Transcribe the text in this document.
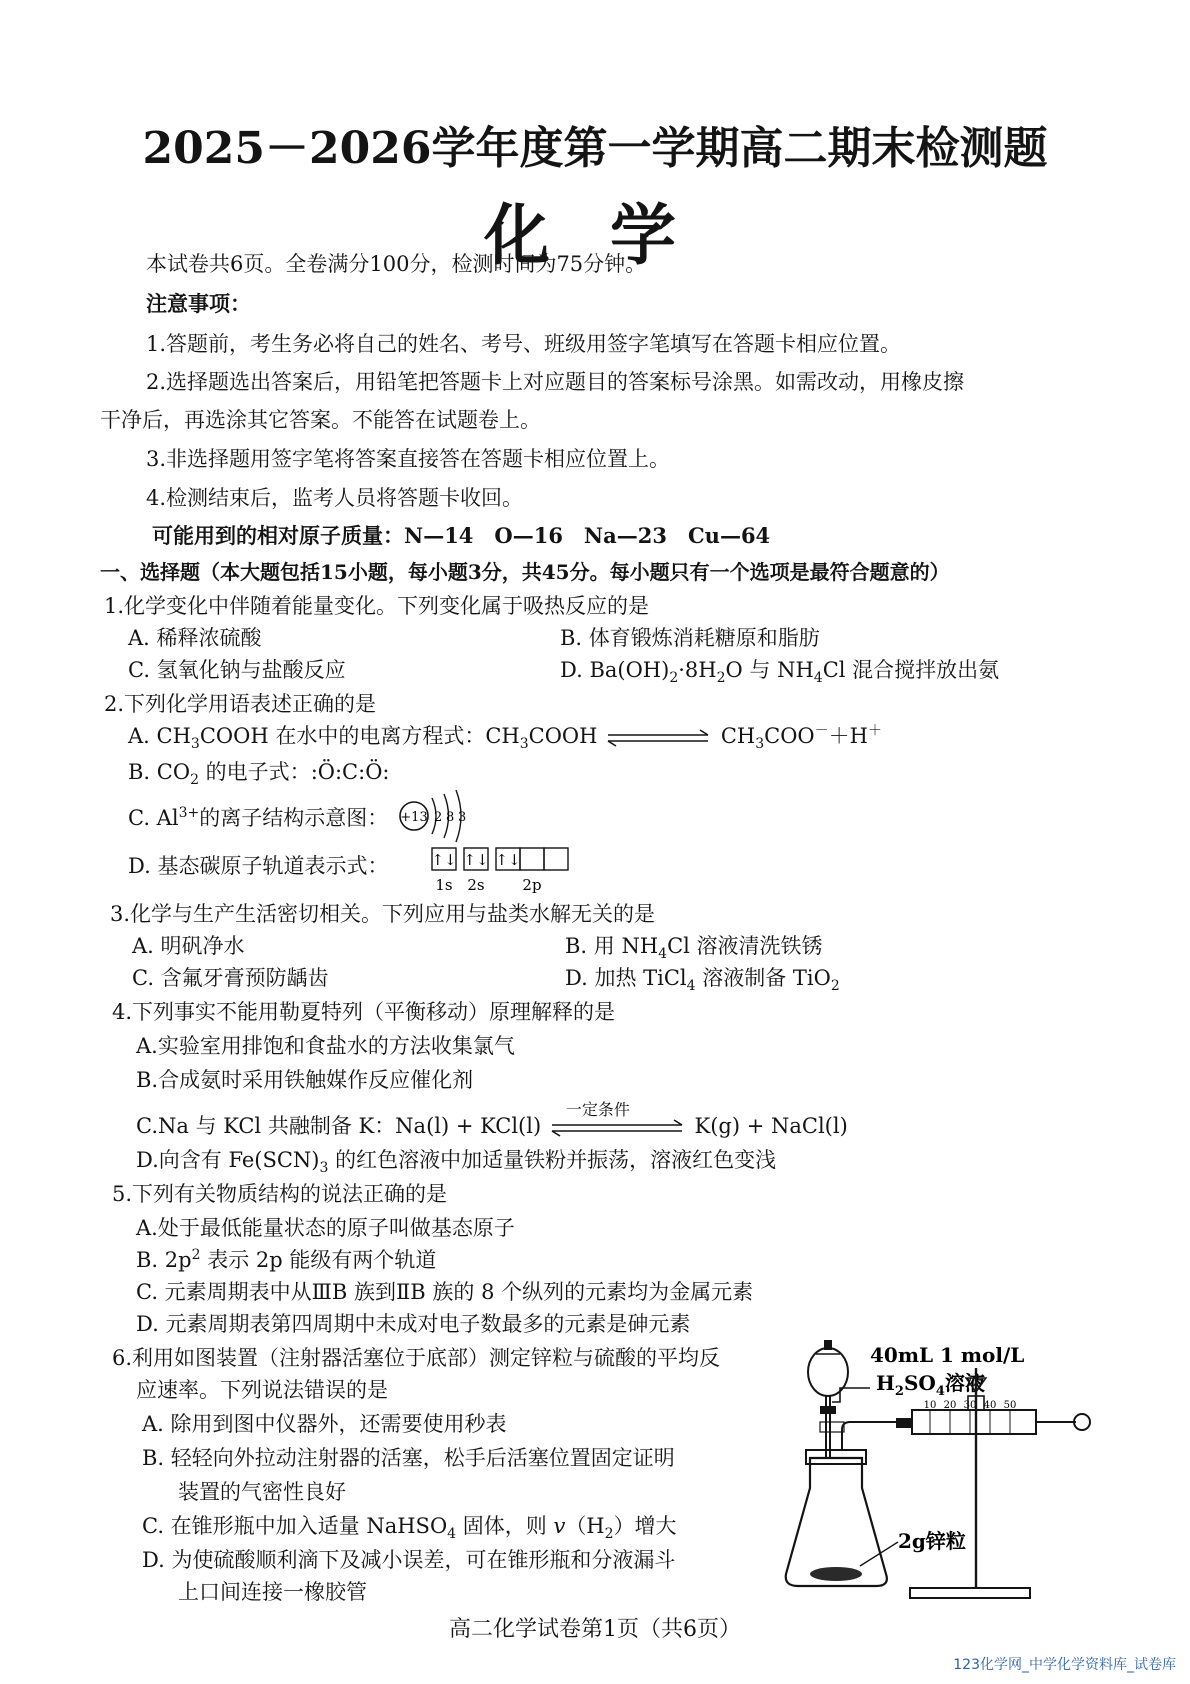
2025－2026学年度第一学期高二期末检测题
化学
本试卷共6页。全卷满分100分，检测时间为75分钟。
注意事项：
1.答题前，考生务必将自己的姓名、考号、班级用签字笔填写在答题卡相应位置。
2.选择题选出答案后，用铅笔把答题卡上对应题目的答案标号涂黑。如需改动，用橡皮擦
干净后，再选涂其它答案。不能答在试题卷上。
3.非选择题用签字笔将答案直接答在答题卡相应位置上。
4.检测结束后，监考人员将答题卡收回。
可能用到的相对原子质量：N—14　O—16　Na—23　Cu—64
一、选择题（本大题包括15小题，每小题3分，共45分。每小题只有一个选项是最符合题意的）
1.化学变化中伴随着能量变化。下列变化属于吸热反应的是
A. 稀释浓硫酸	B. 体育锻炼消耗糖原和脂肪
C. 氢氧化钠与盐酸反应	D. $Ba(OH)_2\cdot 8H_2O$ 与 $NH_4Cl$ 混合搅拌放出氨
2.下列化学用语表述正确的是
A. $CH_3COOH$ 在水中的电离方程式：$CH_3COOH$	$CH_3COO^-+H^+$
B. $CO_2$ 的电子式：:Ö:C:Ö:
C. $Al^{3+}$的离子结构示意图： +13 2 8 3
D. 基态碳原子轨道表示式：	↑↓ ↑↓ ↑↓
1s 2s	2p
3.化学与生产生活密切相关。下列应用与盐类水解无关的是
A. 明矾净水	B. 用 $NH_4Cl$ 溶液清洗铁锈
C. 含氟牙膏预防龋齿	D. 加热 TiCl$_4$ 溶液制备 TiO$_2$
4.下列事实不能用勒夏特列（平衡移动）原理解释的是
A.实验室用排饱和食盐水的方法收集氯气
B.合成氨时采用铁触媒作反应催化剂
C.Na 与 KCl 共融制备 K：Na(l) + KCl(l)
一定条件
K(g) + NaCl(l)
D.向含有 $Fe(SCN)_3$ 的红色溶液中加适量铁粉并振荡，溶液红色变浅
5.下列有关物质结构的说法正确的是
A.处于最低能量状态的原子叫做基态原子
B. $2p^2$ 表示 2p 能级有两个轨道
C. 元素周期表中从ⅢB 族到ⅡB 族的 8 个纵列的元素均为金属元素
D. 元素周期表第四周期中未成对电子数最多的元素是砷元素
6.利用如图装置（注射器活塞位于底部）测定锌粒与硫酸的平均反
应速率。下列说法错误的是
A. 除用到图中仪器外，还需要使用秒表
B. 轻轻向外拉动注射器的活塞，松手后活塞位置固定证明
装置的气密性良好
C. 在锥形瓶中加入适量 NaHSO$_4$ 固体，则 $v(H_2)$增大
D. 为使硫酸顺利滴下及减小误差，可在锥形瓶和分液漏斗
上口间连接一橡胶管
40mL 1 mol/L
$H_2SO_4$溶液
2g锌粒
10 20 30 40 50
高二化学试卷第1页（共6页）
123化学网_中学化学资料库_试卷库
